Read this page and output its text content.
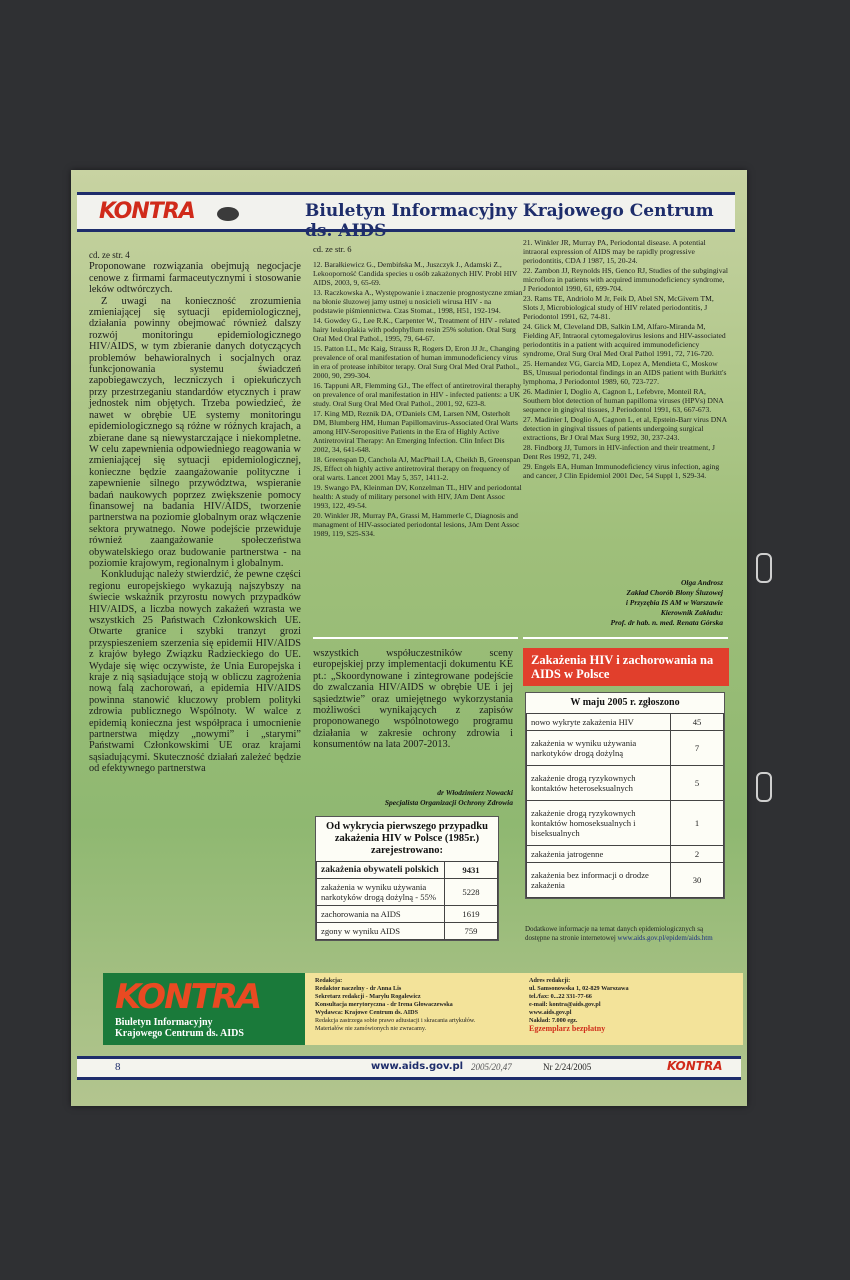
KONTRA	Biuletyn Informacyjny Krajowego Centrum ds. AIDS

cd. ze str. 4

Proponowane rozwiązania obejmują negocjacje cenowe z firmami farmaceutycznymi i stosowanie leków odtwórczych.

Z uwagi na konieczność zrozumienia zmieniającej się sytuacji epidemiologicznej, działania powinny obejmować również dalszy rozwój monitoringu epidemiologicznego HIV/AIDS, w tym zbieranie danych dotyczących problemów behawioralnych i socjalnych oraz funkcjonowania systemu świadczeń zapobiegawczych, leczniczych i opiekuńczych przy przestrzeganiu standardów etycznych i praw jednostek nim objętych. Trzeba powiedzieć, że nawet w obrębie UE systemy monitoringu epidemiologicznego są różne w różnych krajach, a zbierane dane są niewystarczające i niekompletne. W celu zapewnienia odpowiedniego reagowania w zmieniającej się sytuacji epidemiologicznej, konieczne będzie zaangażowanie polityczne i zapewnienie silnego przywództwa, wspieranie badań naukowych poprzez zwiększenie pomocy finansowej na badania HIV/AIDS, tworzenie partnerstwa na poziomie globalnym oraz włączenie sektora prywatnego. Nowe podejście przewiduje również zaangażowanie społeczeństwa obywatelskiego oraz budowanie partnerstwa - na poziomie krajowym, regionalnym i globalnym.

Konkludując należy stwierdzić, że pewne części regionu europejskiego wykazują najszybszy na świecie wskaźnik przyrostu nowych przypadków HIV/AIDS, a liczba nowych zakażeń wzrasta we wszystkich 25 Państwach Członkowskich UE. Otwarte granice i szybki tranzyt grozi przyspieszeniem szerzenia się epidemii HIV/AIDS z krajów byłego Związku Radzieckiego do UE. Wydaje się więc oczywiste, że Unia Europejska i kraje z nią sąsiadujące stoją w obliczu zagrożenia nową falą zachorowań, a epidemia HIV/AIDS powinna stanowić kluczowy problem polityki zdrowia publicznego Wspólnoty. W walce z epidemią konieczna jest współpraca i umocnienie partnerstwa między „nowymi” i „starymi” Państwami Członkowskimi UE oraz krajami sąsiadującymi. Skuteczność działań zależeć będzie od efektywnego partnerstwa

cd. ze str. 6
12. Barałkiewicz G., Dembińska M., Juszczyk J., Adamski Z., Lekooporność Candida species u osób zakażonych HIV. Probl HIV AIDS, 2003, 9, 65-69.
13. Raczkowska A., Występowanie i znaczenie prognostyczne zmian na błonie śluzowej jamy ustnej u nosicieli wirusa HIV - na podstawie piśmiennictwa. Czas Stomat., 1998, H51, 192-194.
14. Gowdey G., Lee R.K., Carpenter W., Treatment of HIV - related hairy leukoplakia with podophyllum resin 25% solution. Oral Surg Oral Med Oral Pathol., 1995, 79, 64-67.
15. Patton LL, Mc Kaig, Strauss R, Rogers D, Eron JJ Jr., Changing prevalence of oral manifestation of human immunodeficiency virus in era of protease inhibitor terapy. Oral Surg Oral Med Oral Pathol., 2000, 90, 299-304.
16. Tappuni AR, Flemming GJ., The effect of antiretroviral theraphy on prevalence of oral manifestation in HIV - infected patients: a UK study. Oral Surg Oral Med Oral Pathol., 2001, 92, 623-8.
17. King MD, Reznik DA, O'Daniels CM, Larsen NM, Osterholt DM, Blumberg HM, Human Papillomavirus-Associated Oral Warts among HIV-Seropositive Patients in the Era of Highly Active Antiretroviral Therapy: An Emerging Infection. Clin Infect Dis 2002, 34, 641-648.
18. Greenspan D, Canchola AJ, MacPhail LA, Cheikh B, Greenspan JS, Effect oh highly active antiretroviral therapy on frequency of oral warts. Lancet 2001 May 5, 357, 1411-2.
19. Swango PA, Kleinman DV, Konzelman TL, HIV and periodontal health: A study of military personel with HIV, JAm Dent Assoc 1993, 122, 49-54.
20. Winkler JR, Murray PA, Grassi M, Hammerle C, Diagnosis and managment of HIV-associated periodontal lesions, JAm Dent Assoc 1989, 119, S25-S34.
21. Winkler JR, Murray PA, Periodontal disease. A potential intraoral expression of AIDS may be rapidly progressive periodontitis, CDA J 1987, 15, 20-24.
22. Zambon JJ, Reynolds HS, Genco RJ, Studies of the subgingival microflora in patients with acquired immunodeficiency syndrome, J Periodontol 1990, 61, 699-704.
23. Rams TE, Andriolo M Jr, Feik D, Abel SN, McGivern TM, Slots J, Microbiological study of HIV related periodontitis, J Periodontol 1991, 62, 74-81.
24. Glick M, Cleveland DB, Salkin LM, Alfaro-Miranda M, Fielding AF, Intraoral cytomegalovirus lesions and HIV-associated periodontitis in a patient with acquired immunodeficiency syndrome, Oral Surg Oral Med Oral Pathol 1991, 72, 716-720.
25. Hernandez VG, Garcia MD, Lopez A, Mendieta C, Moskow BS, Unusual periodontal findings in an AIDS patient with Burkitt's lymphoma, J Periodontol 1989, 60, 723-727.
26. Madinier I, Doglio A, Cagnon L, Lefebvre, Monteil RA, Southern blot detection of human papilloma viruses (HPVs) DNA sequence in gingival tissues, J Periodontol 1991, 63, 667-673.
27. Madinier I, Doglio A, Cagnon L, et al, Epstein-Barr virus DNA detection in gingival tissues of patients undergoing surgical extractions, Br J Oral Max Surg 1992, 30, 237-243.
28. Findborg JJ, Tumors in HIV-infection and their treatment, J Dent Res 1992, 71, 249.
29. Engels EA, Human Immunodeficiency virus infection, aging and cancer, J Clin Epidemiol 2001 Dec, 54 Suppl 1, S29-34.
Olga Androsz
Zakład Chorób Błony Śluzowej
i Przyzębia IS AM w Warszawie
Kierownik Zakładu:
Prof. dr hab. n. med. Renata Górska

wszystkich współuczestników sceny europejskiej przy implementacji dokumentu KE pt.: „Skoordynowane i zintegrowane podejście do zwalczania HIV/AIDS w obrębie UE i jej sąsiedztwie” oraz umiejętnego wykorzystania możliwości wynikających z zapisów proponowanego wspólnotowego programu działania w zakresie ochrony zdrowia i konsumentów na lata 2007-2013.

dr Włodzimierz Nowacki
Specjalista Organizacji Ochrony Zdrowia
Od wykrycia pierwszego przypadku zakażenia HIV w Polsce (1985r.) zarejestrowano:
zakażenia obywateli polskich	9431
zakażenia w wyniku używania narkotyków drogą dożylną - 55%	5228
zachorowania na AIDS	1619
zgony w wyniku AIDS	759
Zakażenia HIV i zachorowania na AIDS w Polsce
W maju 2005 r. zgłoszono
nowo wykryte zakażenia HIV	45
zakażenia w wyniku używania narkotyków drogą dożylną	7
zakażenie drogą ryzykownych kontaktów heteroseksualnych	5
zakażenie drogą ryzykownych kontaktów homoseksualnych i biseksualnych	1
zakażenia jatrogenne	2
zakażenia bez informacji o drodze zakażenia	30
Dodatkowe informacje na temat danych epidemiologicznych są dostępne na stronie internetowej www.aids.gov.pl/epidem/aids.htm
KONTRA
Biuletyn Informacyjny
Krajowego Centrum ds. AIDS
Redakcja:
Redaktor naczelny - dr Anna Lis
Sekretarz redakcji - Marylu Rogalewicz
Konsultacja merytoryczna - dr Irena Głowaczewska
Wydawca: Krajowe Centrum ds. AIDS
Redakcja zastrzega sobie prawo adiustacji i skracania artykułów.
Materiałów nie zamówionych nie zwracamy.
Adres redakcji:
ul. Samsonowska 1, 02-829 Warszawa
tel./fax: 0...22 331-77-66
e-mail: kontra@aids.gov.pl
www.aids.gov.pl
Nakład: 7.000 egz.
Egzemplarz bezpłatny
8	www.aids.gov.pl 2005/20,47	Nr 2/24/2005	KONTRA
